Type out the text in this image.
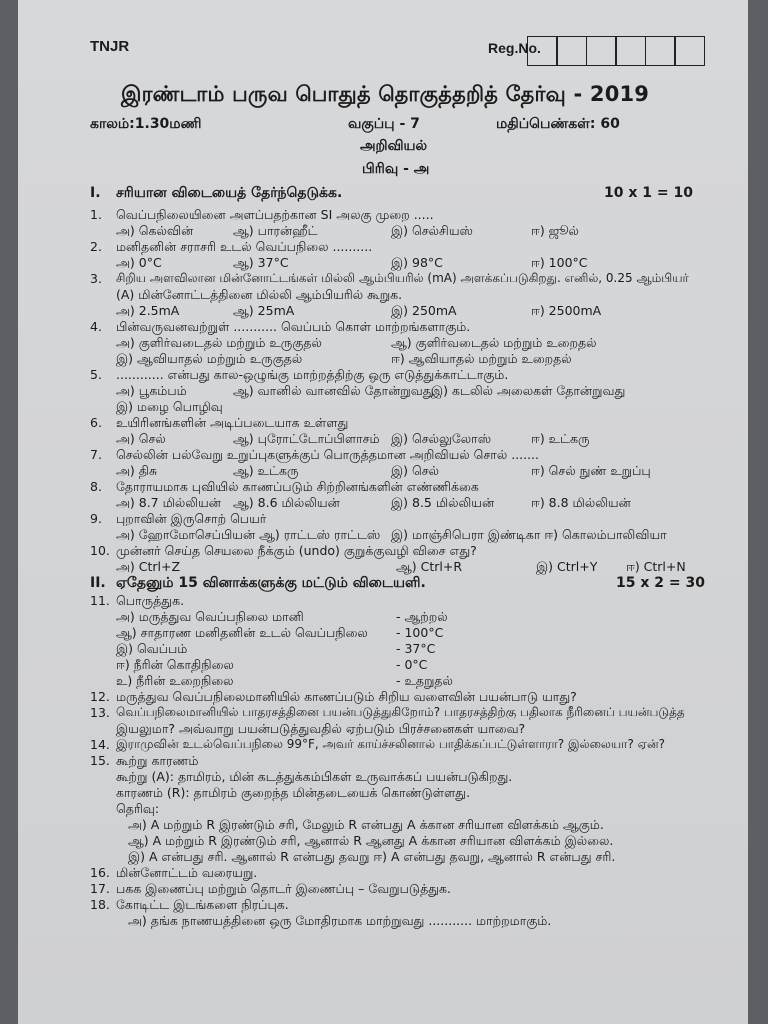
TNJR	Reg.No.
இரண்டாம் பருவ பொதுத் தொகுத்தறித் தேர்வு - 2019
காலம்:1.30மணி	வகுப்பு - 7	மதிப்பெண்கள்: 60
அறிவியல்
பிரிவு - அ
I. சரியான விடையைத் தேர்ந்தெடுக்க.	10 x 1 = 10
1. வெப்பநிலையினை அளப்பதற்கான SI அலகு முறை .....
அ) கெல்வின்	ஆ) பாரன்ஹீட்	இ) செல்சியஸ்	ஈ) ஜூல்
2. மனிதனின் சராசரி உடல் வெப்பநிலை ..........
அ) 0°C	ஆ) 37°C	இ) 98°C	ஈ) 100°C
3. சிறிய அளவிலான மின்னோட்டங்கள் மில்லி ஆம்பியரில் (mA) அளக்கப்படுகிறது. எனில், 0.25 ஆம்பியர்
(A) மின்னோட்டத்தினை மில்லி ஆம்பியரில் கூறுக.
அ) 2.5mA	ஆ) 25mA	இ) 250mA	ஈ) 2500mA
4. பின்வருவனவற்றுள் ........... வெப்பம் கொள் மாற்றங்களாகும்.
அ) குளிர்வடைதல் மற்றும் உருகுதல்	ஆ) குளிர்வடைதல் மற்றும் உறைதல்
இ) ஆவியாதல் மற்றும் உருகுதல்	ஈ) ஆவியாதல் மற்றும் உறைதல்
5. ............ என்பது கால-ஒழுங்கு மாற்றத்திற்கு ஒரு எடுத்துக்காட்டாகும்.
அ) பூகம்பம்	ஆ) வானில் வானவில் தோன்றுவது
இ) கடலில் அலைகள் தோன்றுவது
இ) மழை பொழிவு
6. உயிரினங்களின் அடிப்படையாக உள்ளது
அ) செல்	ஆ) புரோட்டோப்பிளாசம் இ) செல்லுலோஸ்	ஈ) உட்கரு
7. செல்லின் பல்வேறு உறுப்புகளுக்குப் பொருத்தமான அறிவியல் சொல் .......
அ) திசு	ஆ) உட்கரு	இ) செல்	ஈ) செல் நுண் உறுப்பு
8. தோராயமாக புவியில் காணப்படும் சிற்றினங்களின் எண்ணிக்கை
அ) 8.7 மில்லியன் ஆ) 8.6 மில்லியன்	இ) 8.5 மில்லியன்	ஈ) 8.8 மில்லியன்
9. புறாவின் இருசொற் பெயர்
அ) ஹோமோசெப்பியன் ஆ) ராட்டஸ் ராட்டஸ் இ) மாஞ்சிபெரா இண்டிகா ஈ) கொலம்பாலிவியா
10. முன்னர் செய்த செயலை நீக்கும் (undo) குறுக்குவழி விசை எது?
அ) Ctrl+Z	ஆ) Ctrl+R	இ) Ctrl+Y ஈ) Ctrl+N
II. ஏதேனும் 15 வினாக்களுக்கு மட்டும் விடையளி.	15 x 2 = 30
11. பொருத்துக.
அ) மருத்துவ வெப்பநிலை மானி	- ஆற்றல்
ஆ) சாதாரண மனிதனின் உடல் வெப்பநிலை - 100°C
இ) வெப்பம்	- 37°C
ஈ) நீரின் கொதிநிலை	- 0°C
உ) நீரின் உறைநிலை	- உதறுதல்
12. மருத்துவ வெப்பநிலைமானியில் காணப்படும் சிறிய வளைவின் பயன்பாடு யாது?
13. வெப்பநிலைமானியில் பாதரசத்தினை பயன்படுத்துகிறோம்? பாதரசத்திற்கு பதிலாக நீரினைப் பயன்படுத்த
இயலுமா? அவ்வாறு பயன்படுத்துவதில் ஏற்படும் பிரச்சனைகள் யாவை?
14. இராமுவின் உடல்வெப்பநிலை 99°F, அவர் காய்ச்சலினால் பாதிக்கப்பட்டுள்ளாரா? இல்லையா? ஏன்?
15. கூற்று காரணம்
கூற்று (A): தாமிரம், மின் கடத்துக்கம்பிகள் உருவாக்கப் பயன்படுகிறது.
காரணம் (R): தாமிரம் குறைந்த மின்தடையைக் கொண்டுள்ளது.
தெரிவு:
அ) A மற்றும் R இரண்டும் சரி, மேலும் R என்பது A க்கான சரியான விளக்கம் ஆகும்.
ஆ) A மற்றும் R இரண்டும் சரி, ஆனால் R ஆனது A க்கான சரியான விளக்கம் இல்லை.
இ) A என்பது சரி. ஆனால் R என்பது தவறு ஈ) A என்பது தவறு, ஆனால் R என்பது சரி.
16. மின்னோட்டம் வரையறு.
17. பகக இணைப்பு மற்றும் தொடர் இணைப்பு – வேறுபடுத்துக.
18. கோடிட்ட இடங்களை நிரப்புக.
அ) தங்க நாணயத்தினை ஒரு மோதிரமாக மாற்றுவது ........... மாற்றமாகும்.
